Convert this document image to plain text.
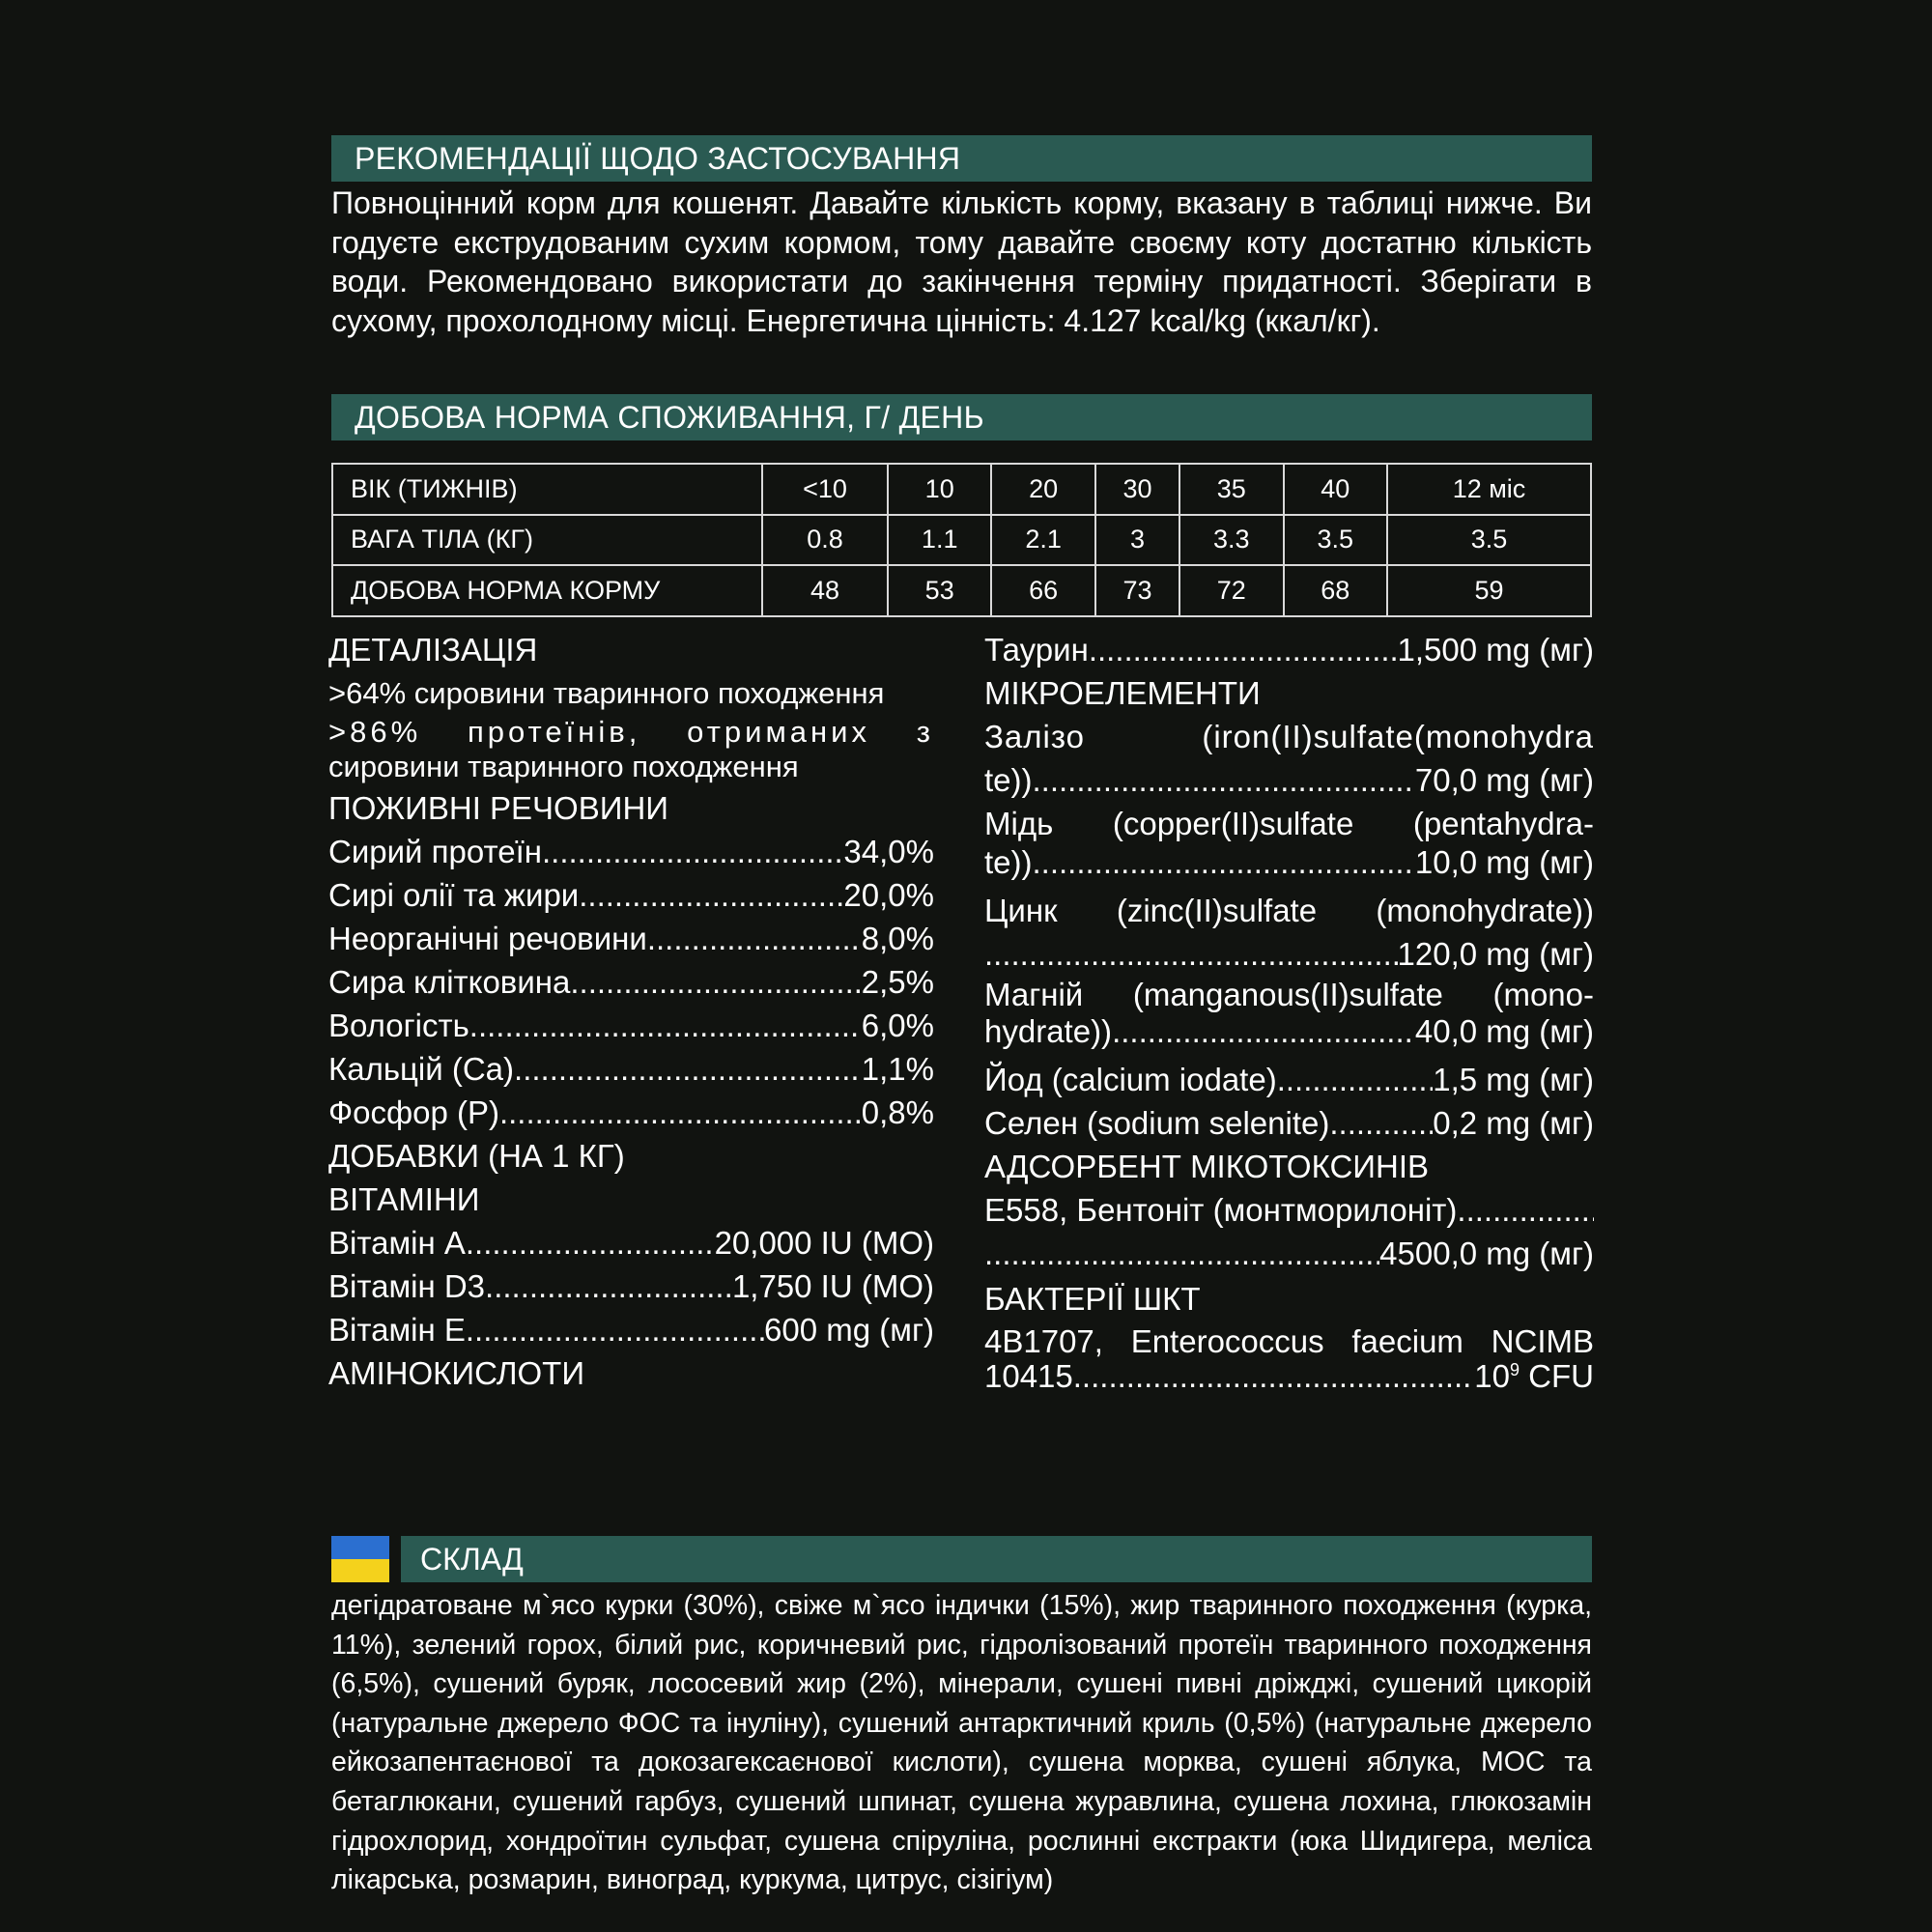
РЕКОМЕНДАЦІЇ ЩОДО ЗАСТОСУВАННЯ

Повноцінний корм для кошенят. Давайте кількість корму, вказану в таблиці нижче. Ви годуєте екструдованим сухим кормом, тому давайте своєму коту достатню кількість води. Рекомендовано використати до закінчення терміну придатності. Зберігати в сухому, прохолодному місці. Енергетична цінність: 4.127 kcal/kg (ккал/кг).

ДОБОВА НОРМА СПОЖИВАННЯ, Г/ ДЕНЬ
ВІК (ТИЖНІВ)	<10	10	20	30	35	40	12 міс
ВАГА ТІЛА (КГ)	0.8	1.1	2.1	3	3.3	3.5	3.5
ДОБОВА НОРМА КОРМУ	48	53	66	73	72	68	59
ДЕТАЛІЗАЦІЯ
>64% сировини тваринного походження
>86% протеїнів, отриманих з
сировини тваринного походження
ПОЖИВНІ РЕЧОВИНИ
Сирий протеїн .....	34,0%
Сирі олії та жири .....	20,0%
Неорганічні речовини .....	8,0%
Сира клітковина .....	2,5%
Вологість .....	6,0%
Кальцій (Ca) .....	1,1%
Фосфор (P) .....	0,8%
ДОБАВКИ (НА 1 КГ)
ВІТАМІНИ
Вітамін А .....	20,000 IU (МО)
Вітамін D3 .....	1,750 IU (МО)
Вітамін Е .....	600 mg (мг)
АМІНОКИСЛОТИ
Таурин .....	1,500 mg (мг)
МІКРОЕЛЕМЕНТИ
Залізо (iron(II)sulfate(monohydra
te)) .....	70,0 mg (мг)
Мідь (copper(II)sulfate (pentahydra-
te)) .....	10,0 mg (мг)
Цинк (zinc(II)sulfate (monohydrate))
.....
120,0 mg (мг)
Магній (manganous(II)sulfate (mono-
hydrate)) .....	40,0 mg (мг)
Йод (calcium iodate) .....	1,5 mg (мг)
Селен (sodium selenite) .....	0,2 mg (мг)
АДСОРБЕНТ МІКОТОКСИНІВ
E558, Бентоніт (монтморилоніт)
.....
.....
4500,0 mg (мг)
БАКТЕРІЇ ШКТ
4B1707, Enterococcus faecium NCIMB
10415 .....	$10^9$ CFU
СКЛАД
дегідратоване м`ясо курки (30%), свіже м`ясо індички (15%), жир тваринного походження (курка, 11%), зелений горох, білий рис, коричневий рис, гідролізований протеїн тваринного походження (6,5%), сушений буряк, лососевий жир (2%), мінерали, сушені пивні дріжджі, сушений цикорій (натуральне джерело ФОС та інуліну), сушений антарктичний криль (0,5%) (натуральне джерело ейкозапентаєнової та докозагексаєнової кислоти), сушена морква, сушені яблука, МОС та бетаглюкани, сушений гарбуз, сушений шпинат, сушена журавлина, сушена лохина, глюкозамін гідрохлорид, хондроїтин сульфат, сушена спіруліна, рослинні екстракти (юка Шидигера, меліса лікарська, розмарин, виноград, куркума, цитрус, сізігіум)
